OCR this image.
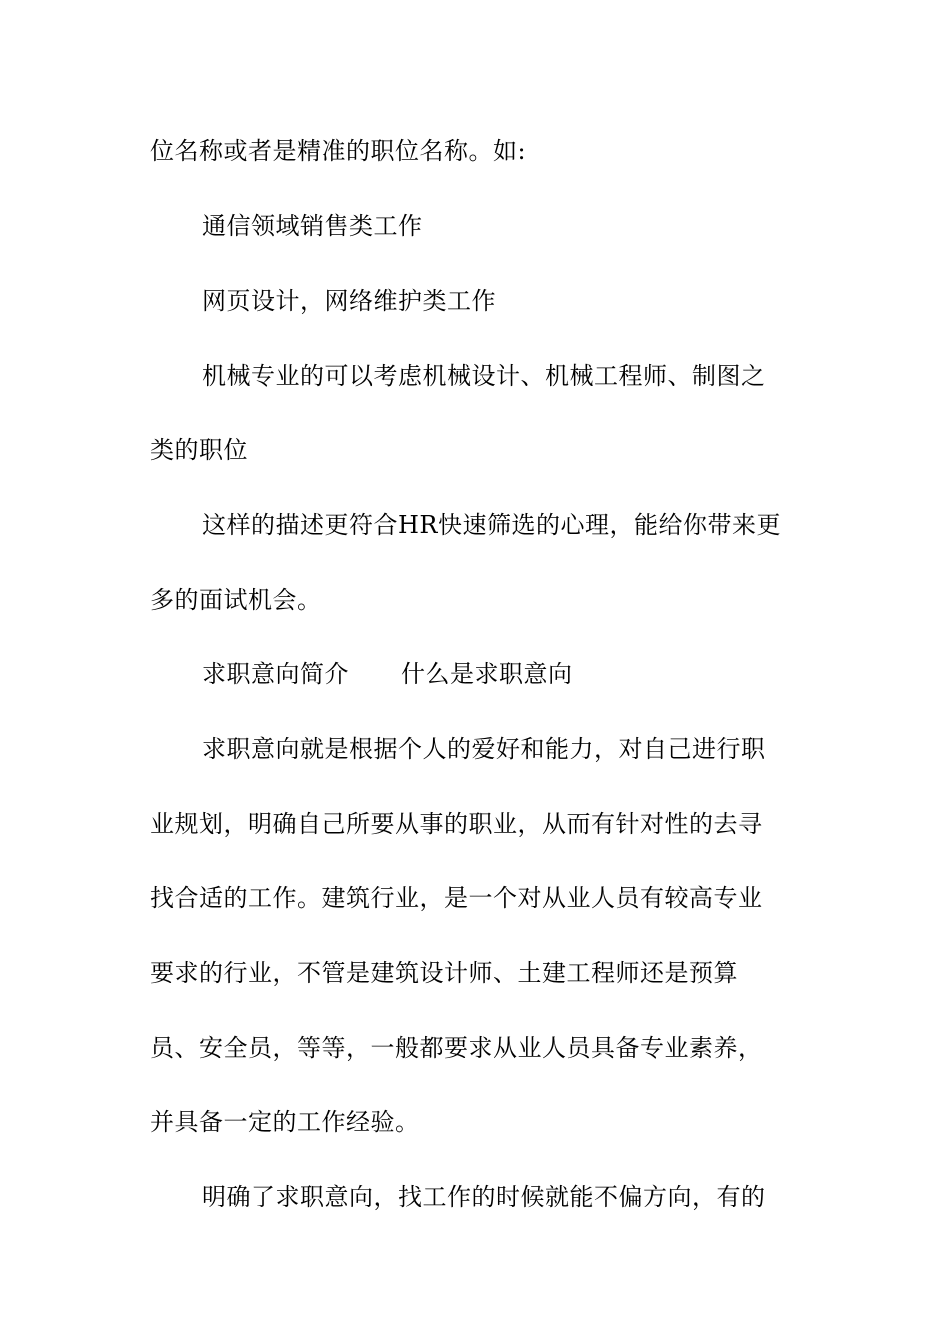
位名称或者是精准的职位名称。如:
通信领域销售类工作
网页设计，网络维护类工作
机械专业的可以考虑机械设计、机械工程师、制图之
类的职位
这样的描述更符合HR快速筛选的心理，能给你带来更
多的面试机会。
求职意向简介 什么是求职意向
求职意向就是根据个人的爱好和能力，对自己进行职
业规划，明确自己所要从事的职业，从而有针对性的去寻
找合适的工作。建筑行业，是一个对从业人员有较高专业
要求的行业，不管是建筑设计师、土建工程师还是预算
员、安全员，等等，一般都要求从业人员具备专业素养，
并具备一定的工作经验。
明确了求职意向，找工作的时候就能不偏方向，有的
